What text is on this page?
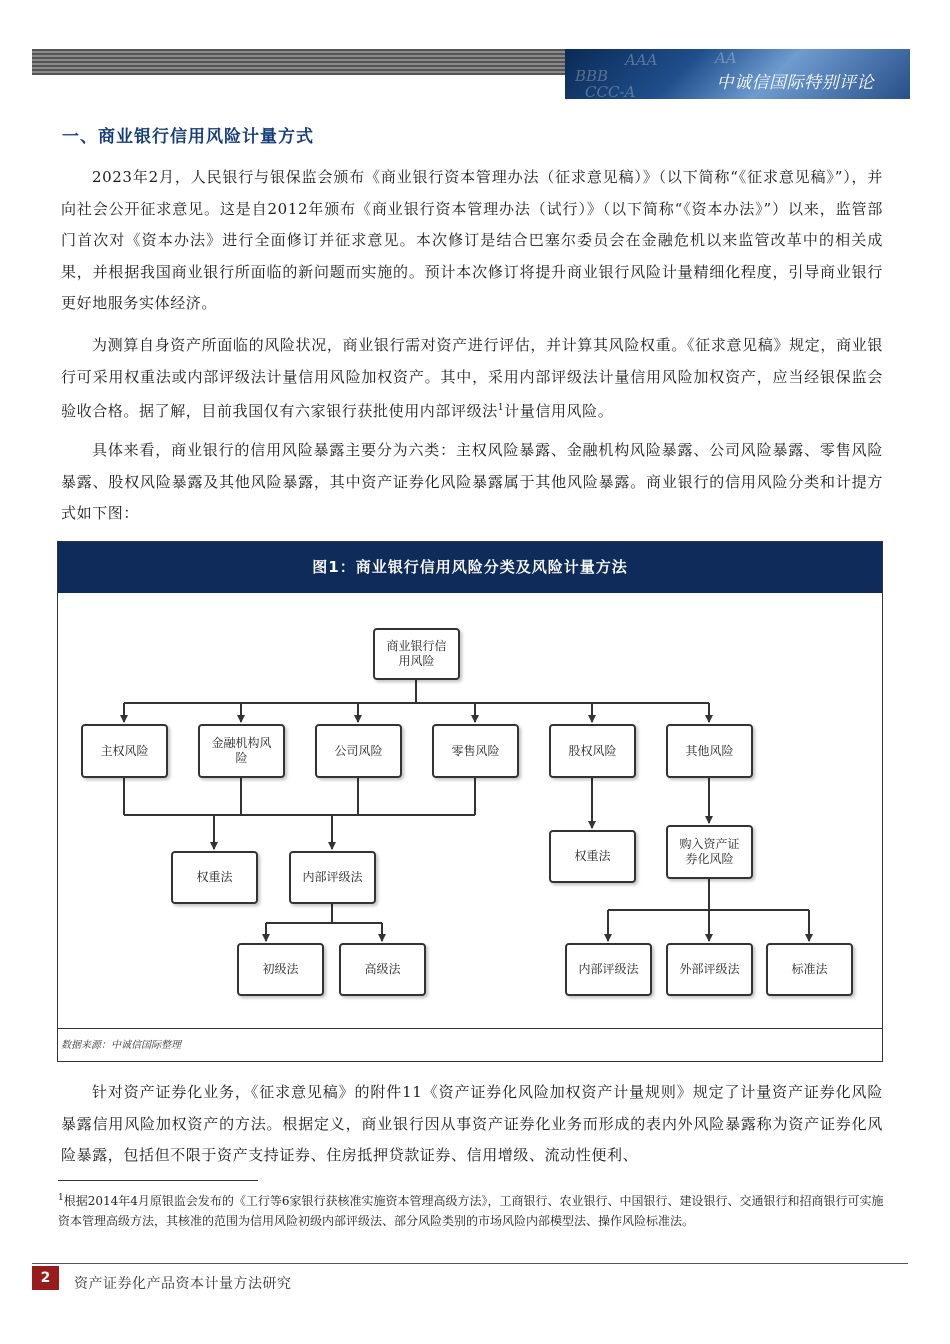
AAA
BBB
AA
CCC-A	中诚信国际特别评论
一、商业银行信用风险计量方式

2023年2月，人民银行与银保监会颁布《商业银行资本管理办法（征求意见稿）》（以下简称“《征求意见稿》”），并向社会公开征求意见。这是自2012年颁布《商业银行资本管理办法（试行）》（以下简称“《资本办法》”）以来，监管部门首次对《资本办法》进行全面修订并征求意见。本次修订是结合巴塞尔委员会在金融危机以来监管改革中的相关成果，并根据我国商业银行所面临的新问题而实施的。预计本次修订将提升商业银行风险计量精细化程度，引导商业银行更好地服务实体经济。

为测算自身资产所面临的风险状况，商业银行需对资产进行评估，并计算其风险权重。《征求意见稿》规定，商业银行可采用权重法或内部评级法计量信用风险加权资产。其中，采用内部评级法计量信用风险加权资产，应当经银保监会验收合格。据了解，目前我国仅有六家银行获批使用内部评级法$^1$计量信用风险。

具体来看，商业银行的信用风险暴露主要分为六类：主权风险暴露、金融机构风险暴露、公司风险暴露、零售风险暴露、股权风险暴露及其他风险暴露，其中资产证券化风险暴露属于其他风险暴露。商业银行的信用风险分类和计提方式如下图：

图1：商业银行信用风险分类及风险计量方法
商业银行信用风险
主权风险
金融机构风险
公司风险	零售风险	股权风险	其他风险
权重法	内部评级法
权重法
购入资产证券化风险
初级法	高级法	内部评级法	外部评级法	标准法
数据来源：中诚信国际整理

针对资产证券化业务，《征求意见稿》的附件11《资产证券化风险加权资产计量规则》规定了计量资产证券化风险暴露信用风险加权资产的方法。根据定义，商业银行因从事资产证券化业务而形成的表内外风险暴露称为资产证券化风险暴露，包括但不限于资产支持证券、住房抵押贷款证券、信用增级、流动性便利、

$^1$根据2014年4月原银监会发布的《工行等6家银行获核准实施资本管理高级方法》，工商银行、农业银行、中国银行、建设银行、交通银行和招商银行可实施资本管理高级方法，其核准的范围为信用风险初级内部评级法、部分风险类别的市场风险内部模型法、操作风险标准法。

2	资产证券化产品资本计量方法研究
